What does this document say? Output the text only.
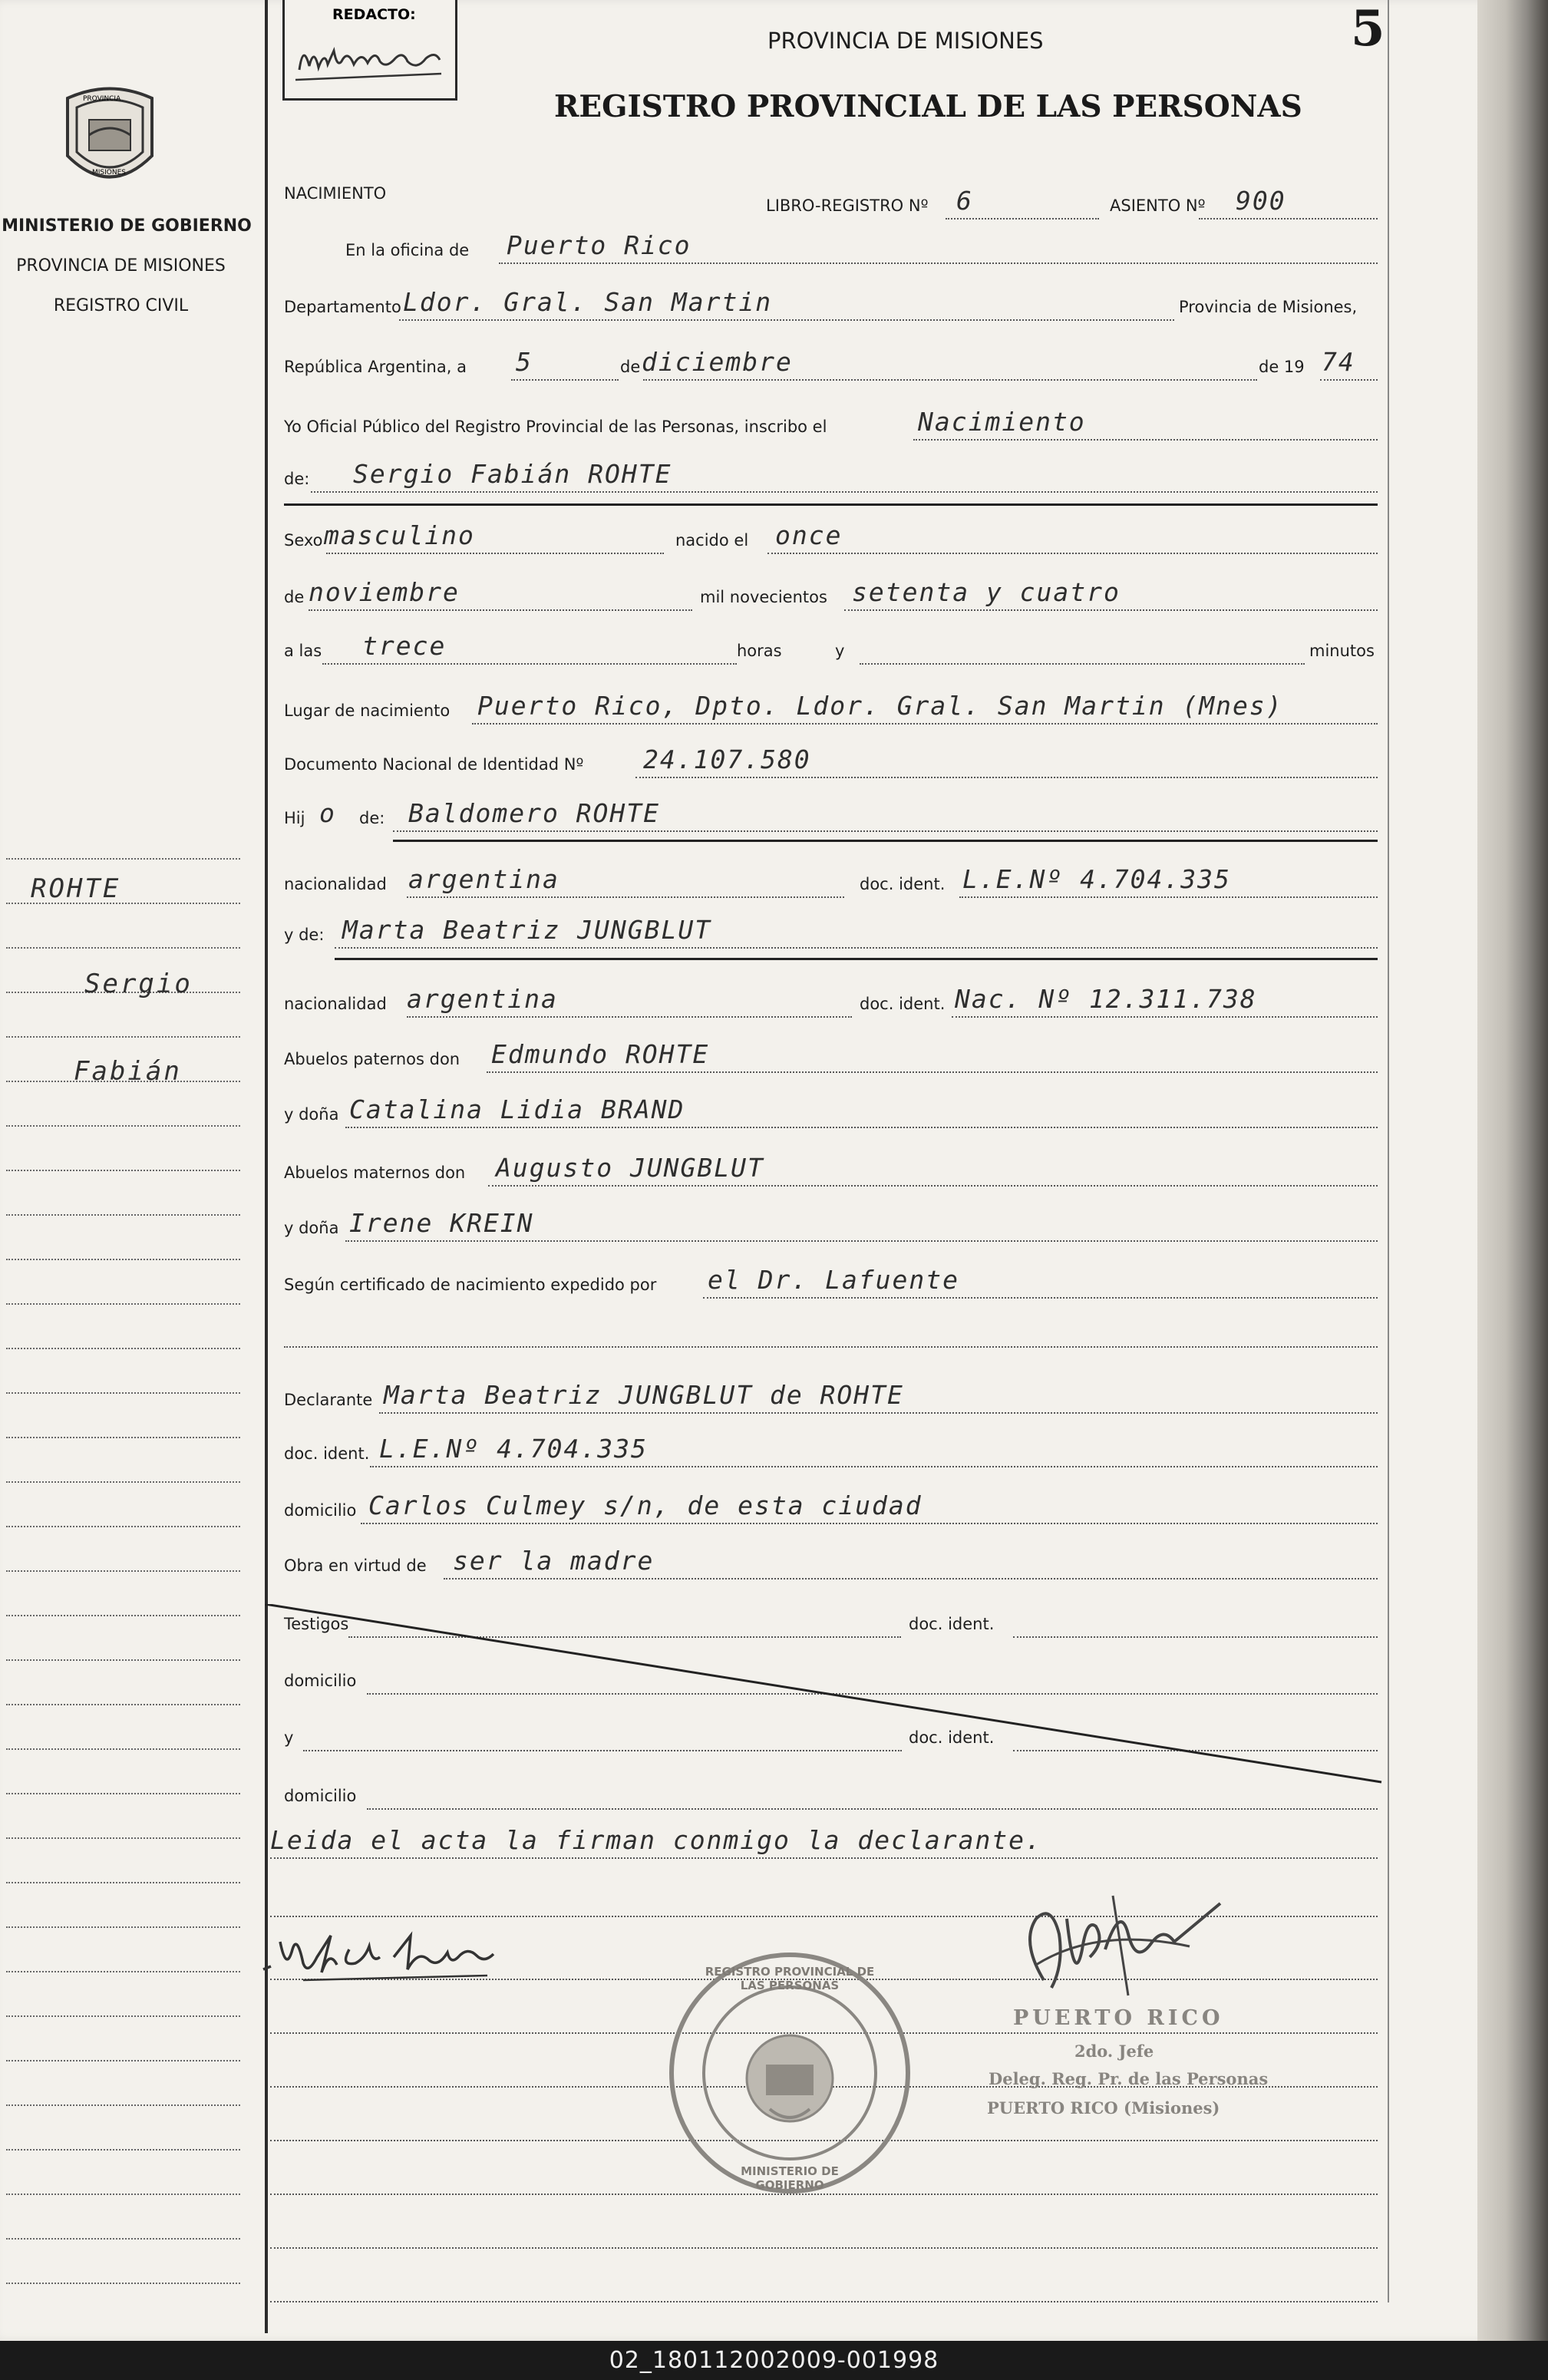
PROVINCIA
MISIONES
MINISTERIO DE GOBIERNO
PROVINCIA DE MISIONES
REGISTRO CIVIL
ROHTE
Sergio
Fabián
REDACTO:
PROVINCIA DE MISIONES
REGISTRO PROVINCIAL DE LAS PERSONAS
5
NACIMIENTO
LIBRO-REGISTRO Nº 6	ASIENTO Nº 900
En la oficina de Puerto Rico
Departamento Ldor. Gral. San Martin	Provincia de Misiones,
República Argentina, a 5	de diciembre	de 19 74
Yo Oficial Público del Registro Provincial de las Personas, inscribo el	Nacimiento
de: Sergio Fabián ROHTE
Sexo masculino	nacido el once
de noviembre	mil novecientos setenta y cuatro
a las trece	horas	y	minutos
Lugar de nacimiento Puerto Rico, Dpto. Ldor. Gral. San Martin (Mnes)
Documento Nacional de Identidad Nº 24.107.580
Hij o de: Baldomero ROHTE
nacionalidad argentina	doc. ident. L.E.Nº 4.704.335
y de: Marta Beatriz JUNGBLUT
nacionalidad argentina	doc. ident. Nac. Nº 12.311.738
Abuelos paternos don Edmundo ROHTE
y doña Catalina Lidia BRAND
Abuelos maternos don Augusto JUNGBLUT
y doña Irene KREIN
Según certificado de nacimiento expedido por el Dr. Lafuente
Declarante Marta Beatriz JUNGBLUT de ROHTE
doc. ident. L.E.Nº 4.704.335
domicilio Carlos Culmey s/n, de esta ciudad
Obra en virtud de ser la madre
Testigos	doc. ident.
domicilio
y	doc. ident.
domicilio
Leida el acta la firman conmigo la declarante.
REGISTRO PROVINCIAL DE LAS PERSONAS
MINISTERIO DE GOBIERNO
PUERTO RICO
2do. Jefe
Deleg. Reg. Pr. de las Personas
PUERTO RICO (Misiones)
02_180112002009-001998
